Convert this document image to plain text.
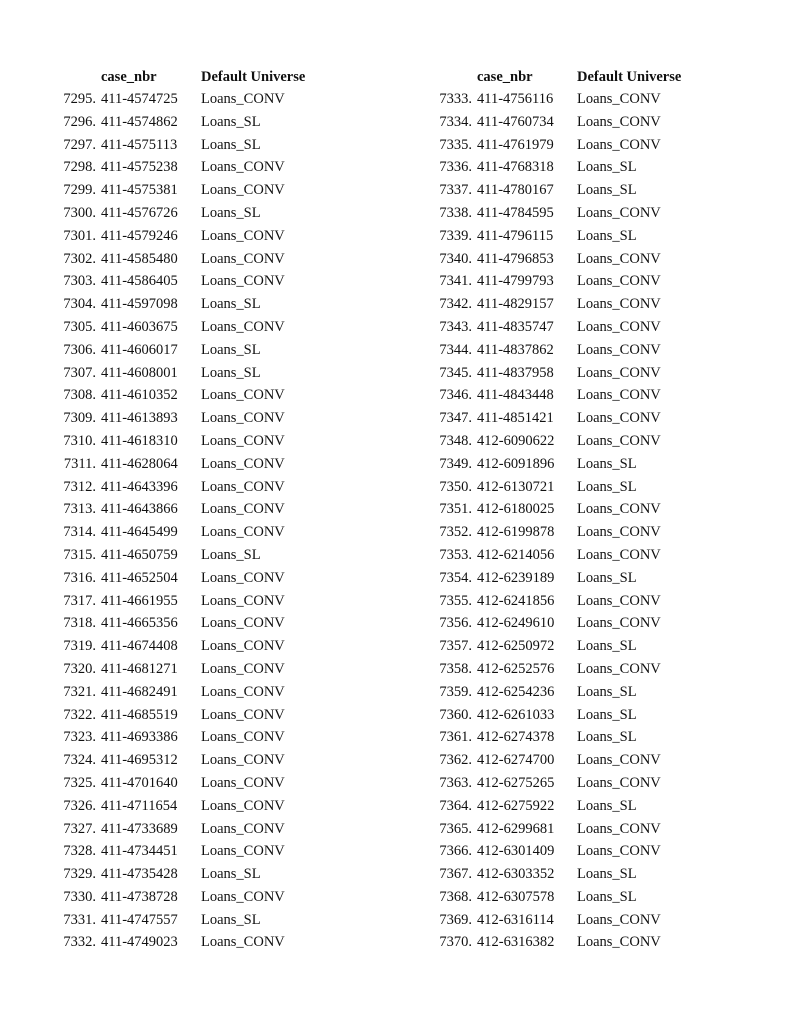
case_nbr	Default Universe
7295. 411-4574725 Loans_CONV
7296. 411-4574862 Loans_SL
7297. 411-4575113 Loans_SL
7298. 411-4575238 Loans_CONV
7299. 411-4575381 Loans_CONV
7300. 411-4576726 Loans_SL
7301. 411-4579246 Loans_CONV
7302. 411-4585480 Loans_CONV
7303. 411-4586405 Loans_CONV
7304. 411-4597098 Loans_SL
7305. 411-4603675 Loans_CONV
7306. 411-4606017 Loans_SL
7307. 411-4608001 Loans_SL
7308. 411-4610352 Loans_CONV
7309. 411-4613893 Loans_CONV
7310. 411-4618310 Loans_CONV
7311. 411-4628064 Loans_CONV
7312. 411-4643396 Loans_CONV
7313. 411-4643866 Loans_CONV
7314. 411-4645499 Loans_CONV
7315. 411-4650759 Loans_SL
7316. 411-4652504 Loans_CONV
7317. 411-4661955 Loans_CONV
7318. 411-4665356 Loans_CONV
7319. 411-4674408 Loans_CONV
7320. 411-4681271 Loans_CONV
7321. 411-4682491 Loans_CONV
7322. 411-4685519 Loans_CONV
7323. 411-4693386 Loans_CONV
7324. 411-4695312 Loans_CONV
7325. 411-4701640 Loans_CONV
7326. 411-4711654 Loans_CONV
7327. 411-4733689 Loans_CONV
7328. 411-4734451 Loans_CONV
7329. 411-4735428 Loans_SL
7330. 411-4738728 Loans_CONV
7331. 411-4747557 Loans_SL
7332. 411-4749023 Loans_CONV
case_nbr	Default Universe
7333. 411-4756116 Loans_CONV
7334. 411-4760734 Loans_CONV
7335. 411-4761979 Loans_CONV
7336. 411-4768318 Loans_SL
7337. 411-4780167 Loans_SL
7338. 411-4784595 Loans_CONV
7339. 411-4796115 Loans_SL
7340. 411-4796853 Loans_CONV
7341. 411-4799793 Loans_CONV
7342. 411-4829157 Loans_CONV
7343. 411-4835747 Loans_CONV
7344. 411-4837862 Loans_CONV
7345. 411-4837958 Loans_CONV
7346. 411-4843448 Loans_CONV
7347. 411-4851421 Loans_CONV
7348. 412-6090622 Loans_CONV
7349. 412-6091896 Loans_SL
7350. 412-6130721 Loans_SL
7351. 412-6180025 Loans_CONV
7352. 412-6199878 Loans_CONV
7353. 412-6214056 Loans_CONV
7354. 412-6239189 Loans_SL
7355. 412-6241856 Loans_CONV
7356. 412-6249610 Loans_CONV
7357. 412-6250972 Loans_SL
7358. 412-6252576 Loans_CONV
7359. 412-6254236 Loans_SL
7360. 412-6261033 Loans_SL
7361. 412-6274378 Loans_SL
7362. 412-6274700 Loans_CONV
7363. 412-6275265 Loans_CONV
7364. 412-6275922 Loans_SL
7365. 412-6299681 Loans_CONV
7366. 412-6301409 Loans_CONV
7367. 412-6303352 Loans_SL
7368. 412-6307578 Loans_SL
7369. 412-6316114 Loans_CONV
7370. 412-6316382 Loans_CONV
